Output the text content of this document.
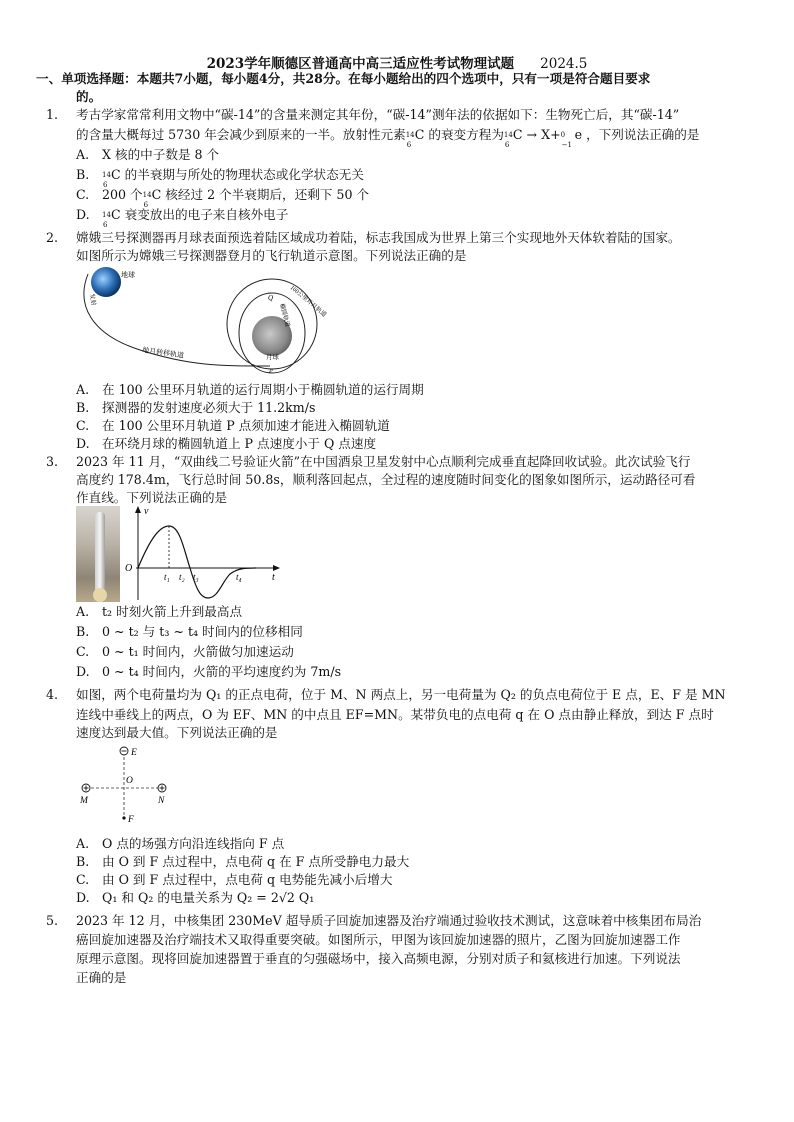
2023学年顺德区普通高中高三适应性考试物理试题 2024.5
一、单项选择题：本题共7小题，每小题4分，共28分。在每小题给出的四个选项中，只有一项是符合题目要求
的。
1. 考古学家常常利用文物中“碳-14”的含量来测定其年份，“碳-14”测年法的依据如下：生物死亡后，其“碳-14”
的含量大概每过 5730 年会减少到原来的一半。放射性元素 14
6
C 的衰变方程为 14
6
C → X+ 0
−1
e ，下列说法正确的是
A. X 核的中子数是 8 个
B. 14
6
C 的半衰期与所处的物理状态或化学状态无关
C. 200 个 14
6
C 核经过 2 个半衰期后，还剩下 50 个
D. 14
6
C 衰变放出的电子来自核外电子
2. 嫦娥三号探测器再月球表面预选着陆区域成功着陆，标志我国成为世界上第三个实现地外天体软着陆的国家。
如图所示为嫦娥三号探测器登月的飞行轨道示意图。下列说法正确的是
地球
发射
地月转移轨道	月球
Q
P
100公里环月轨道
椭圆轨道
A. 在 100 公里环月轨道的运行周期小于椭圆轨道的运行周期
B. 探测器的发射速度必须大于 11.2km/s
C. 在 100 公里环月轨道 P 点须加速才能进入椭圆轨道
D. 在环绕月球的椭圆轨道上 P 点速度小于 Q 点速度
3. 2023 年 11 月，“双曲线二号验证火箭”在中国酒泉卫星发射中心点顺利完成垂直起降回收试验。此次试验飞行
高度约 178.4m，飞行总时间 50.8s，顺利落回起点，全过程的速度随时间变化的图象如图所示，运动路径可看
作直线。下列说法正确的是
v
t
O
t₁ t₂ t₃	t₄
A. t₂ 时刻火箭上升到最高点
B. 0 ~ t₂ 与 t₃ ~ t₄ 时间内的位移相同
C. 0 ~ t₁ 时间内，火箭做匀加速运动
D. 0 ~ t₄ 时间内，火箭的平均速度约为 7m/s
4. 如图，两个电荷量均为 Q₁ 的正点电荷，位于 M、N 两点上，另一电荷量为 Q₂ 的负点电荷位于 E 点，E、F 是 MN
连线中垂线上的两点，O 为 EF、MN 的中点且 EF=MN。某带负电的点电荷 q 在 O 点由静止释放，到达 F 点时
速度达到最大值。下列说法正确的是
E
M	N
O
F
A. O 点的场强方向沿连线指向 F 点
B. 由 O 到 F 点过程中，点电荷 q 在 F 点所受静电力最大
C. 由 O 到 F 点过程中，点电荷 q 电势能先减小后增大
D. Q₁ 和 Q₂ 的电量关系为 Q₂ = 2√2 Q₁
5. 2023 年 12 月，中核集团 230MeV 超导质子回旋加速器及治疗端通过验收技术测试，这意味着中核集团布局治
癌回旋加速器及治疗端技术又取得重要突破。如图所示，甲图为该回旋加速器的照片，乙图为回旋加速器工作
原理示意图。现将回旋加速器置于垂直的匀强磁场中，接入高频电源，分别对质子和氦核进行加速。下列说法
正确的是
